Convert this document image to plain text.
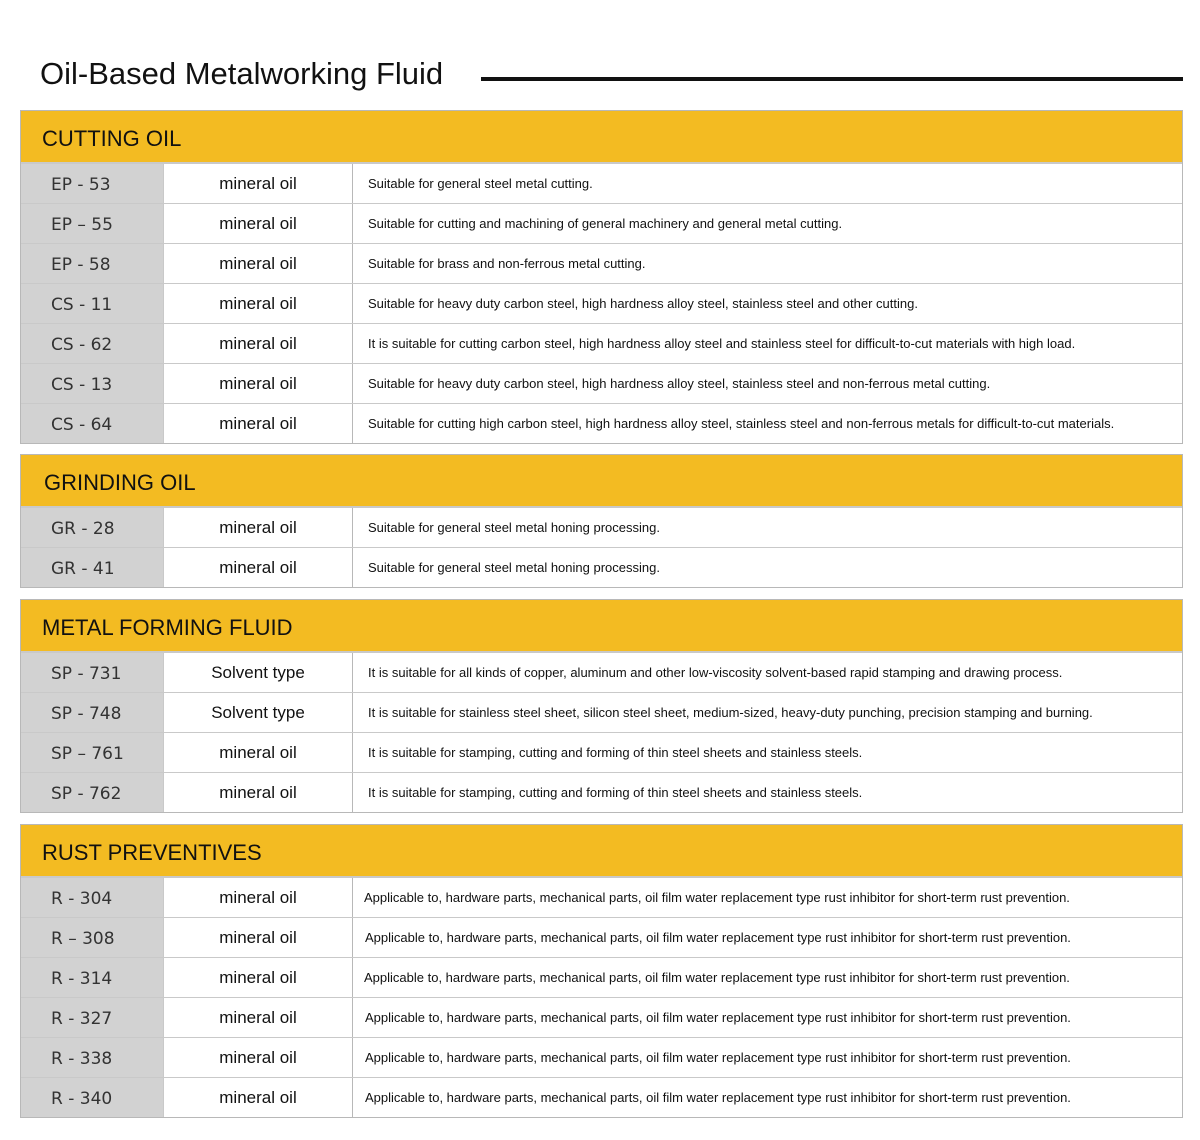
Oil-Based Metalworking Fluid
CUTTING OIL
EP - 53	mineral oil	Suitable for general steel metal cutting.
EP – 55	mineral oil	Suitable for cutting and machining of general machinery and general metal cutting.
EP - 58	mineral oil	Suitable for brass and non-ferrous metal cutting.
CS - 11	mineral oil	Suitable for heavy duty carbon steel, high hardness alloy steel, stainless steel and other cutting.
CS - 62	mineral oil	It is suitable for cutting carbon steel, high hardness alloy steel and stainless steel for difficult-to-cut materials with high load.
CS - 13	mineral oil	Suitable for heavy duty carbon steel, high hardness alloy steel, stainless steel and non-ferrous metal cutting.
CS - 64	mineral oil	Suitable for cutting high carbon steel, high hardness alloy steel, stainless steel and non-ferrous metals for difficult-to-cut materials.
GRINDING OIL
GR - 28	mineral oil	Suitable for general steel metal honing processing.
GR - 41	mineral oil	Suitable for general steel metal honing processing.
METAL FORMING FLUID
SP - 731	Solvent type	It is suitable for all kinds of copper, aluminum and other low-viscosity solvent-based rapid stamping and drawing process.
SP - 748	Solvent type	It is suitable for stainless steel sheet, silicon steel sheet, medium-sized, heavy-duty punching, precision stamping and burning.
SP – 761	mineral oil	It is suitable for stamping, cutting and forming of thin steel sheets and stainless steels.
SP - 762	mineral oil	It is suitable for stamping, cutting and forming of thin steel sheets and stainless steels.
RUST PREVENTIVES
R - 304	mineral oil	Applicable to, hardware parts, mechanical parts, oil film water replacement type rust inhibitor for short-term rust prevention.
R – 308	mineral oil	Applicable to, hardware parts, mechanical parts, oil film water replacement type rust inhibitor for short-term rust prevention.
R - 314	mineral oil	Applicable to, hardware parts, mechanical parts, oil film water replacement type rust inhibitor for short-term rust prevention.
R - 327	mineral oil	Applicable to, hardware parts, mechanical parts, oil film water replacement type rust inhibitor for short-term rust prevention.
R - 338	mineral oil	Applicable to, hardware parts, mechanical parts, oil film water replacement type rust inhibitor for short-term rust prevention.
R - 340	mineral oil	Applicable to, hardware parts, mechanical parts, oil film water replacement type rust inhibitor for short-term rust prevention.
